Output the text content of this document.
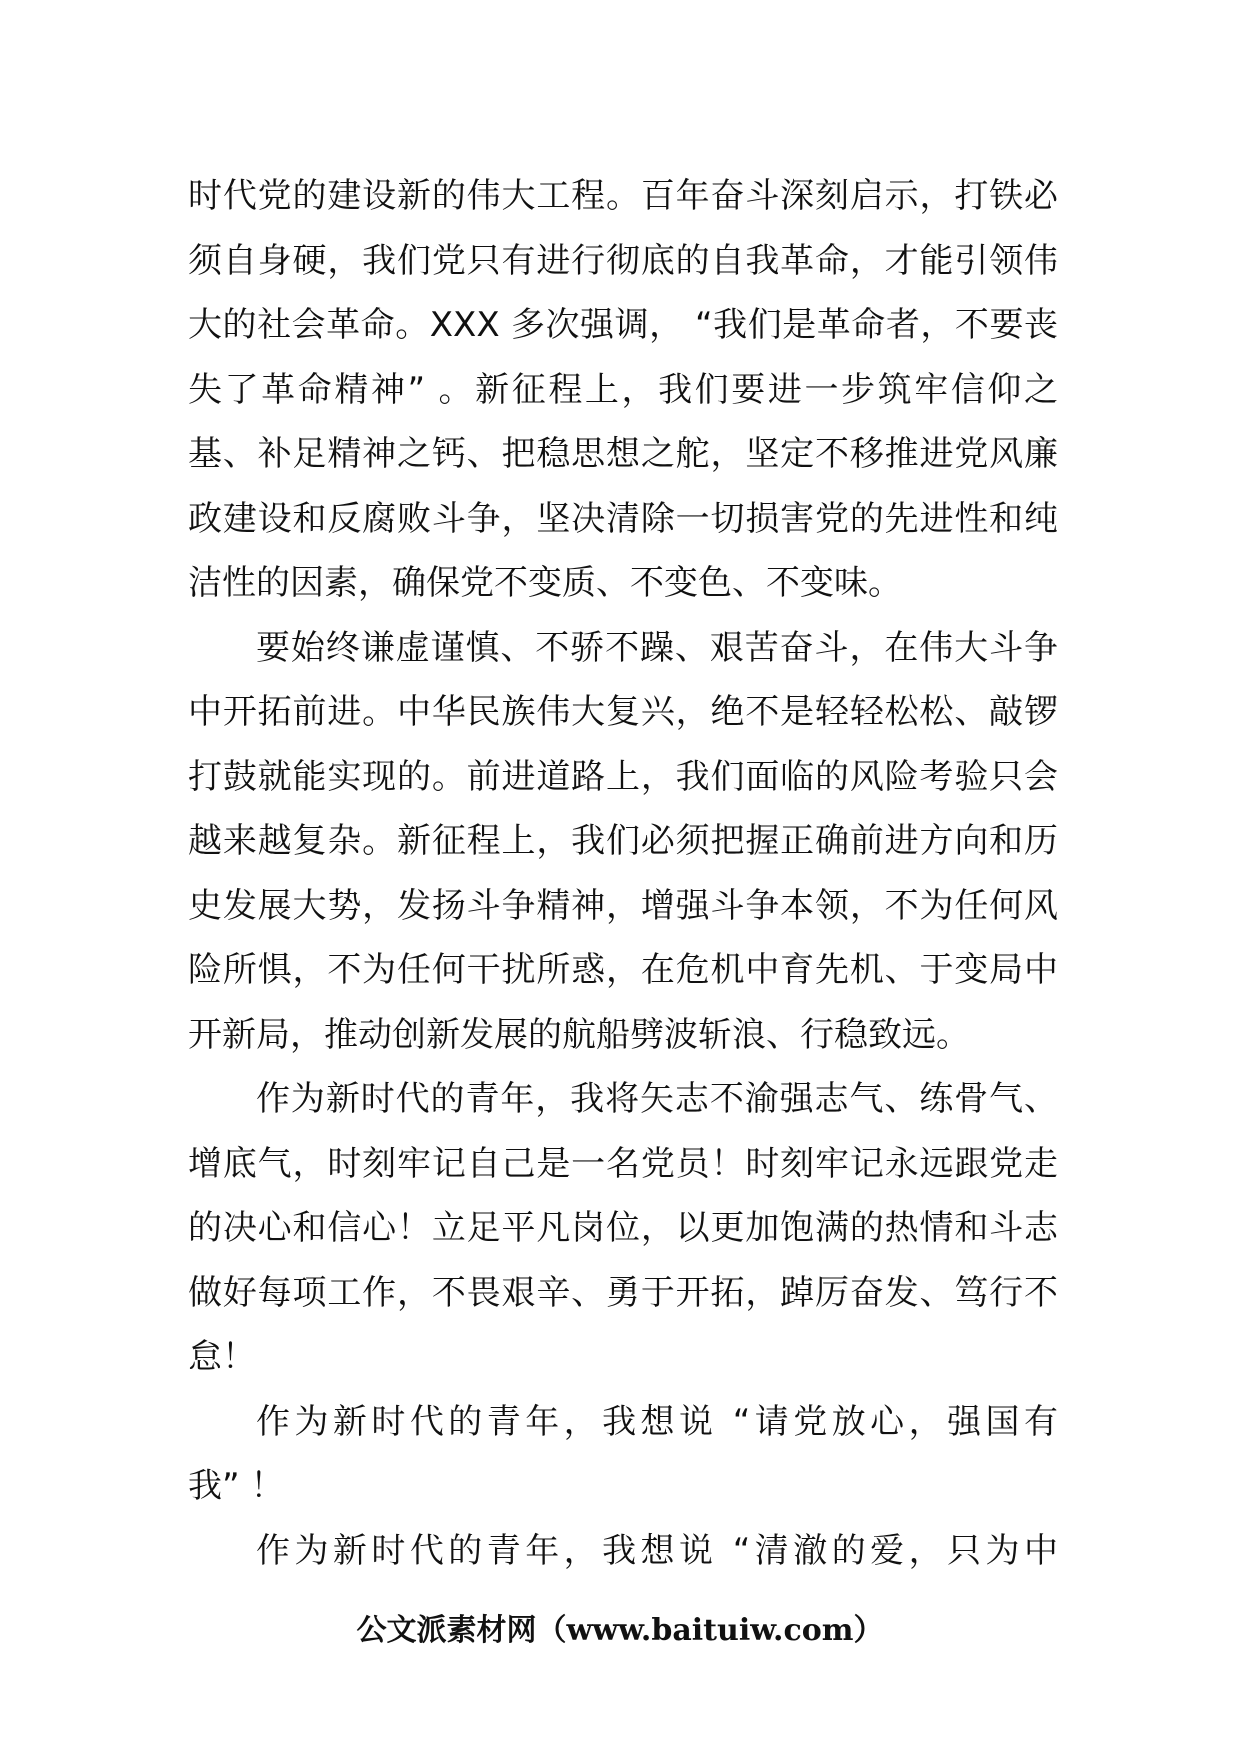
时代党的建设新的伟大工程。百年奋斗深刻启示，打铁必
须自身硬，我们党只有进行彻底的自我革命，才能引领伟
大的社会革命。XXX 多次强调， “我们是革命者，不要丧
失了革命精神” 。新征程上，我们要进一步筑牢信仰之
基、补足精神之钙、把稳思想之舵，坚定不移推进党风廉
政建设和反腐败斗争，坚决清除一切损害党的先进性和纯
洁性的因素，确保党不变质、不变色、不变味。
要始终谦虚谨慎、不骄不躁、艰苦奋斗，在伟大斗争
中开拓前进。中华民族伟大复兴，绝不是轻轻松松、敲锣
打鼓就能实现的。前进道路上，我们面临的风险考验只会
越来越复杂。新征程上，我们必须把握正确前进方向和历
史发展大势，发扬斗争精神，增强斗争本领，不为任何风
险所惧，不为任何干扰所惑，在危机中育先机、于变局中
开新局，推动创新发展的航船劈波斩浪、行稳致远。
作为新时代的青年，我将矢志不渝强志气、练骨气、
增底气，时刻牢记自己是一名党员！时刻牢记永远跟党走
的决心和信心！立足平凡岗位，以更加饱满的热情和斗志
做好每项工作，不畏艰辛、勇于开拓，踔厉奋发、笃行不
怠！
作为新时代的青年，我想说 “请党放心，强国有
我” ！
作为新时代的青年，我想说 “清澈的爱，只为中
公文派素材网（www.baituiw.com）
